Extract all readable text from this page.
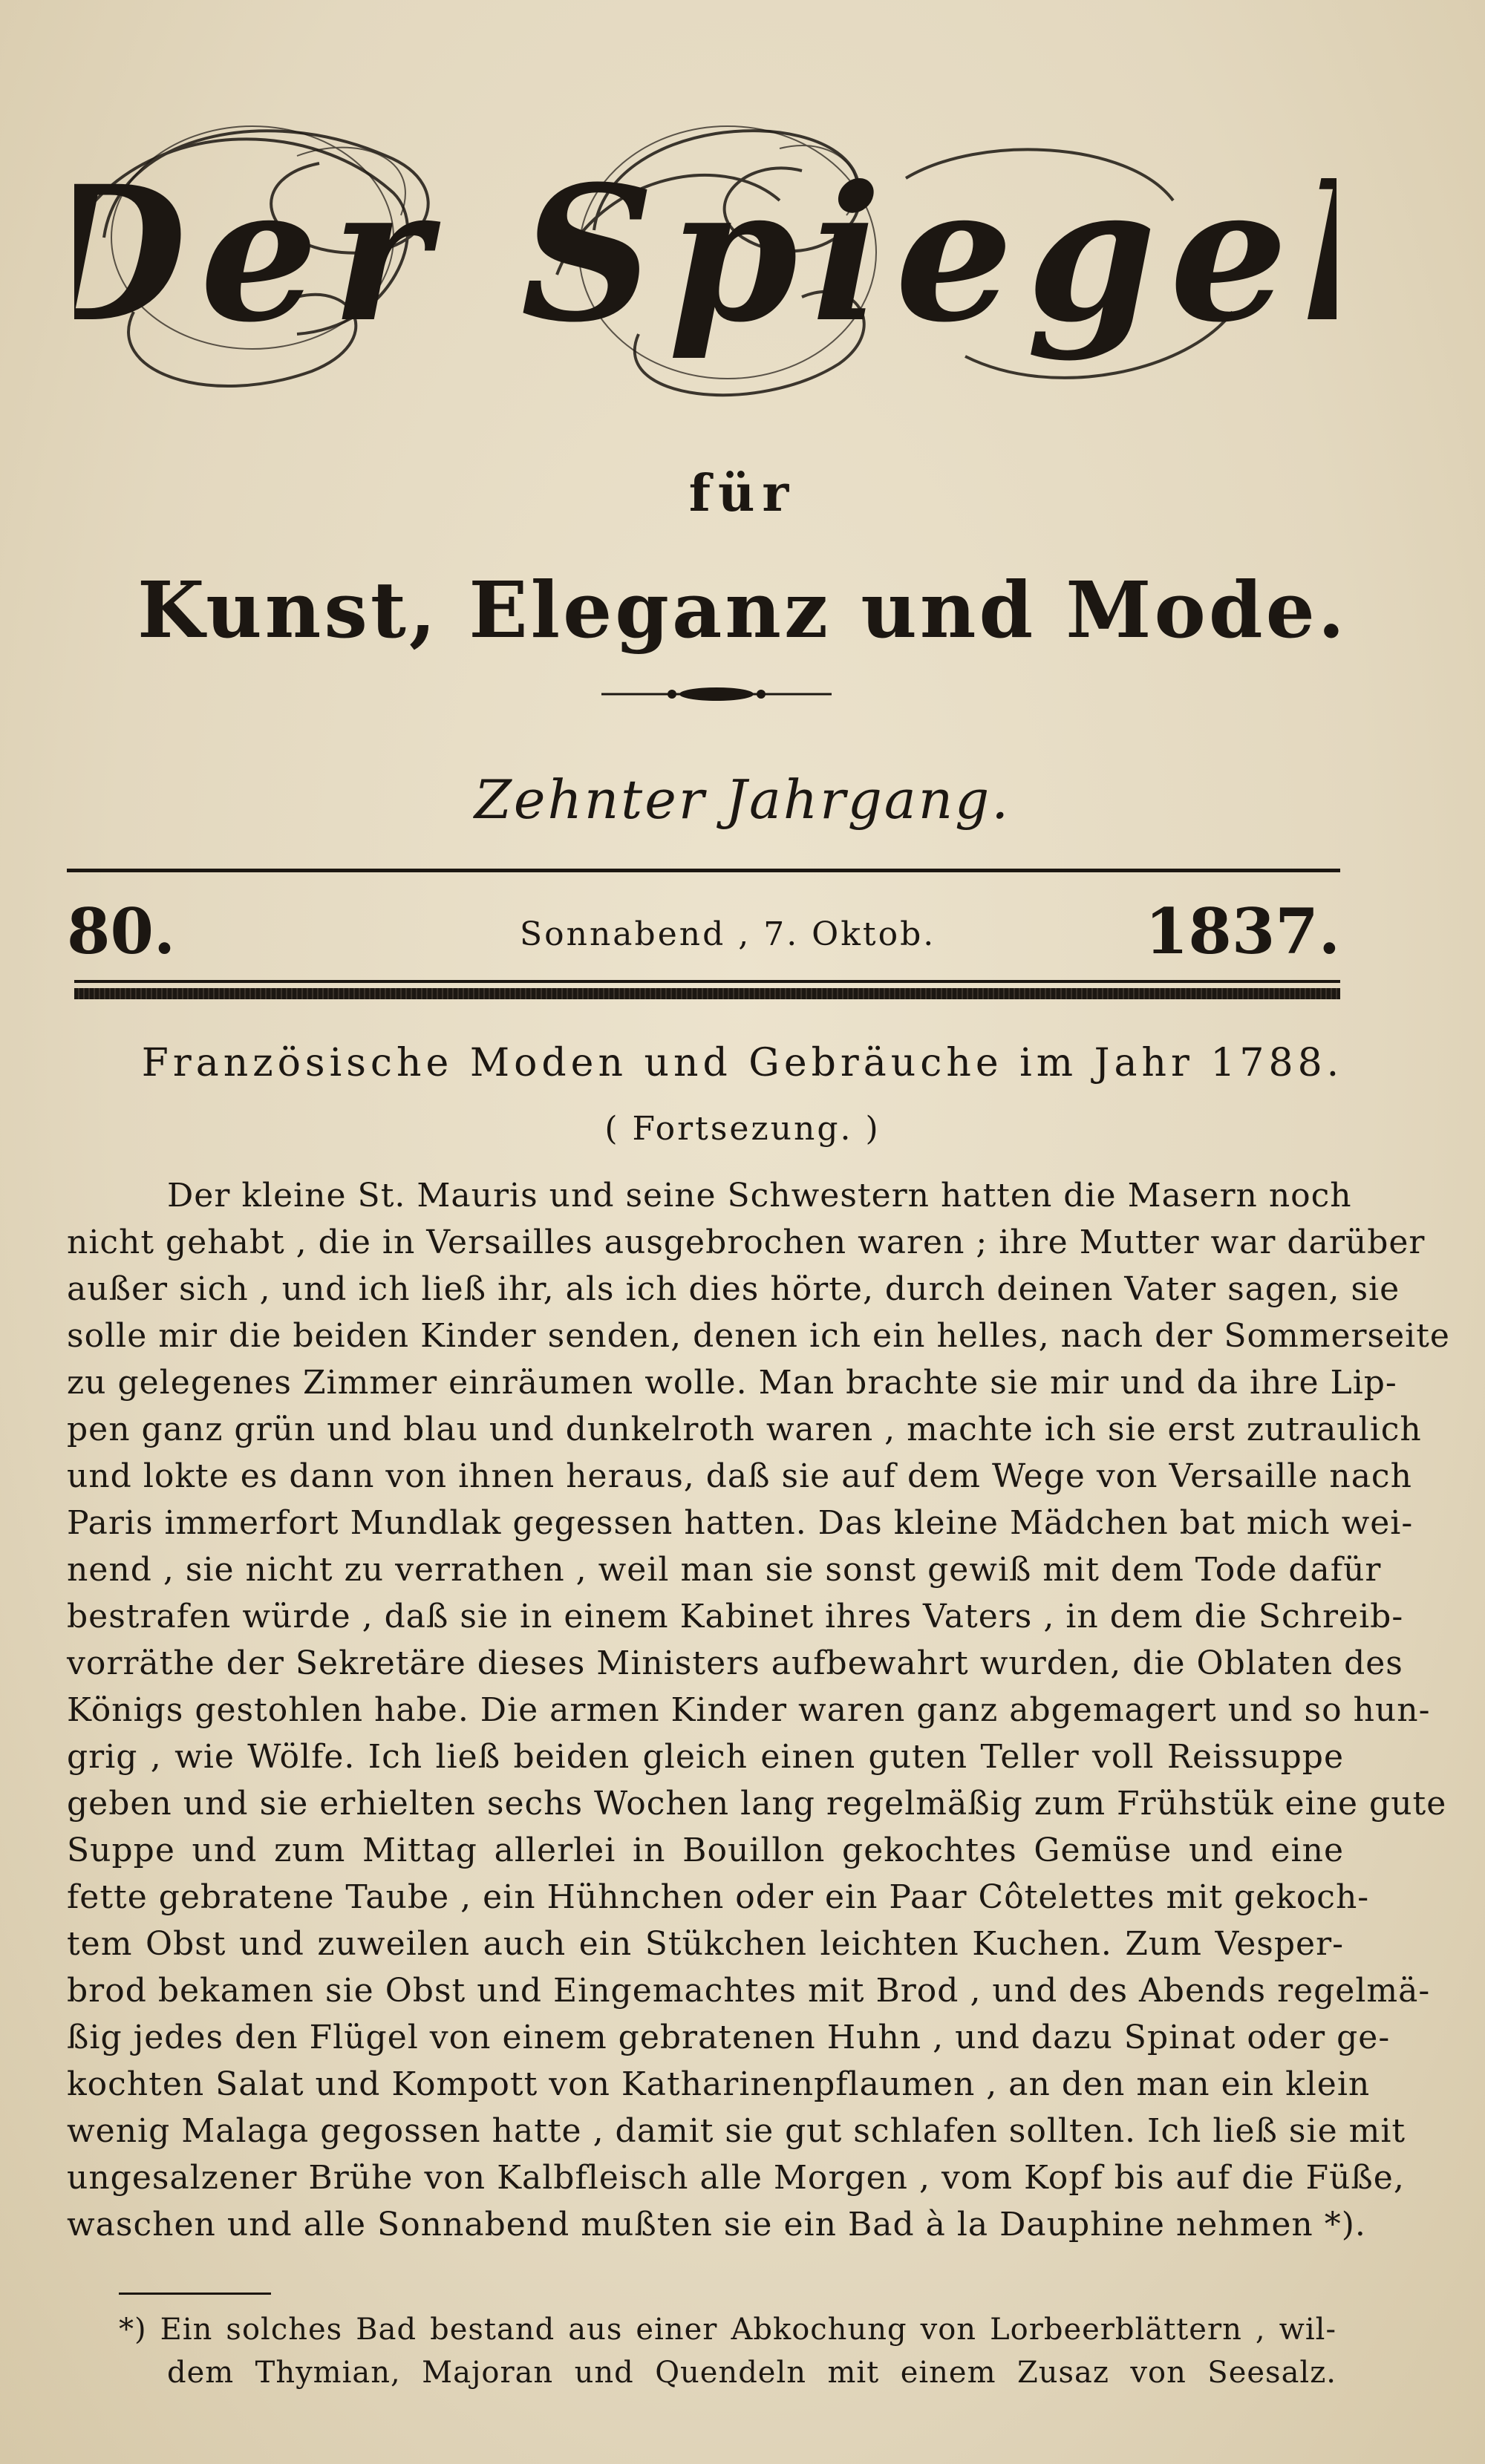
Der Spiegel
für
Kunst, Eleganz und Mode.
Zehnter Jahrgang.
80.	Sonnabend , 7. Oktob.	1837.
Französische Moden und Gebräuche im Jahr 1788.
( Fortsezung. )
Der kleine St. Mauris und seine Schwestern hatten die Masern noch
nicht gehabt , die in Versailles ausgebrochen waren ; ihre Mutter war darüber
außer sich , und ich ließ ihr, als ich dies hörte, durch deinen Vater sagen, sie
solle mir die beiden Kinder senden, denen ich ein helles, nach der Sommerseite
zu gelegenes Zimmer einräumen wolle. Man brachte sie mir und da ihre Lip-
pen ganz grün und blau und dunkelroth waren , machte ich sie erst zutraulich
und lokte es dann von ihnen heraus, daß sie auf dem Wege von Versaille nach
Paris immerfort Mundlak gegessen hatten. Das kleine Mädchen bat mich wei-
nend , sie nicht zu verrathen , weil man sie sonst gewiß mit dem Tode dafür
bestrafen würde , daß sie in einem Kabinet ihres Vaters , in dem die Schreib-
vorräthe der Sekretäre dieses Ministers aufbewahrt wurden, die Oblaten des
Königs gestohlen habe. Die armen Kinder waren ganz abgemagert und so hun-
grig , wie Wölfe. Ich ließ beiden gleich einen guten Teller voll Reissuppe
geben und sie erhielten sechs Wochen lang regelmäßig zum Frühstük eine gute
Suppe und zum Mittag allerlei in Bouillon gekochtes Gemüse und eine
fette gebratene Taube , ein Hühnchen oder ein Paar Côtelettes mit gekoch-
tem Obst und zuweilen auch ein Stükchen leichten Kuchen. Zum Vesper-
brod bekamen sie Obst und Eingemachtes mit Brod , und des Abends regelmä-
ßig jedes den Flügel von einem gebratenen Huhn , und dazu Spinat oder ge-
kochten Salat und Kompott von Katharinenpflaumen , an den man ein klein
wenig Malaga gegossen hatte , damit sie gut schlafen sollten. Ich ließ sie mit
ungesalzener Brühe von Kalbfleisch alle Morgen , vom Kopf bis auf die Füße,
waschen und alle Sonnabend mußten sie ein Bad à la Dauphine nehmen *).
*) Ein solches Bad bestand aus einer Abkochung von Lorbeerblättern , wil-
dem Thymian, Majoran und Quendeln mit einem Zusaz von Seesalz.
